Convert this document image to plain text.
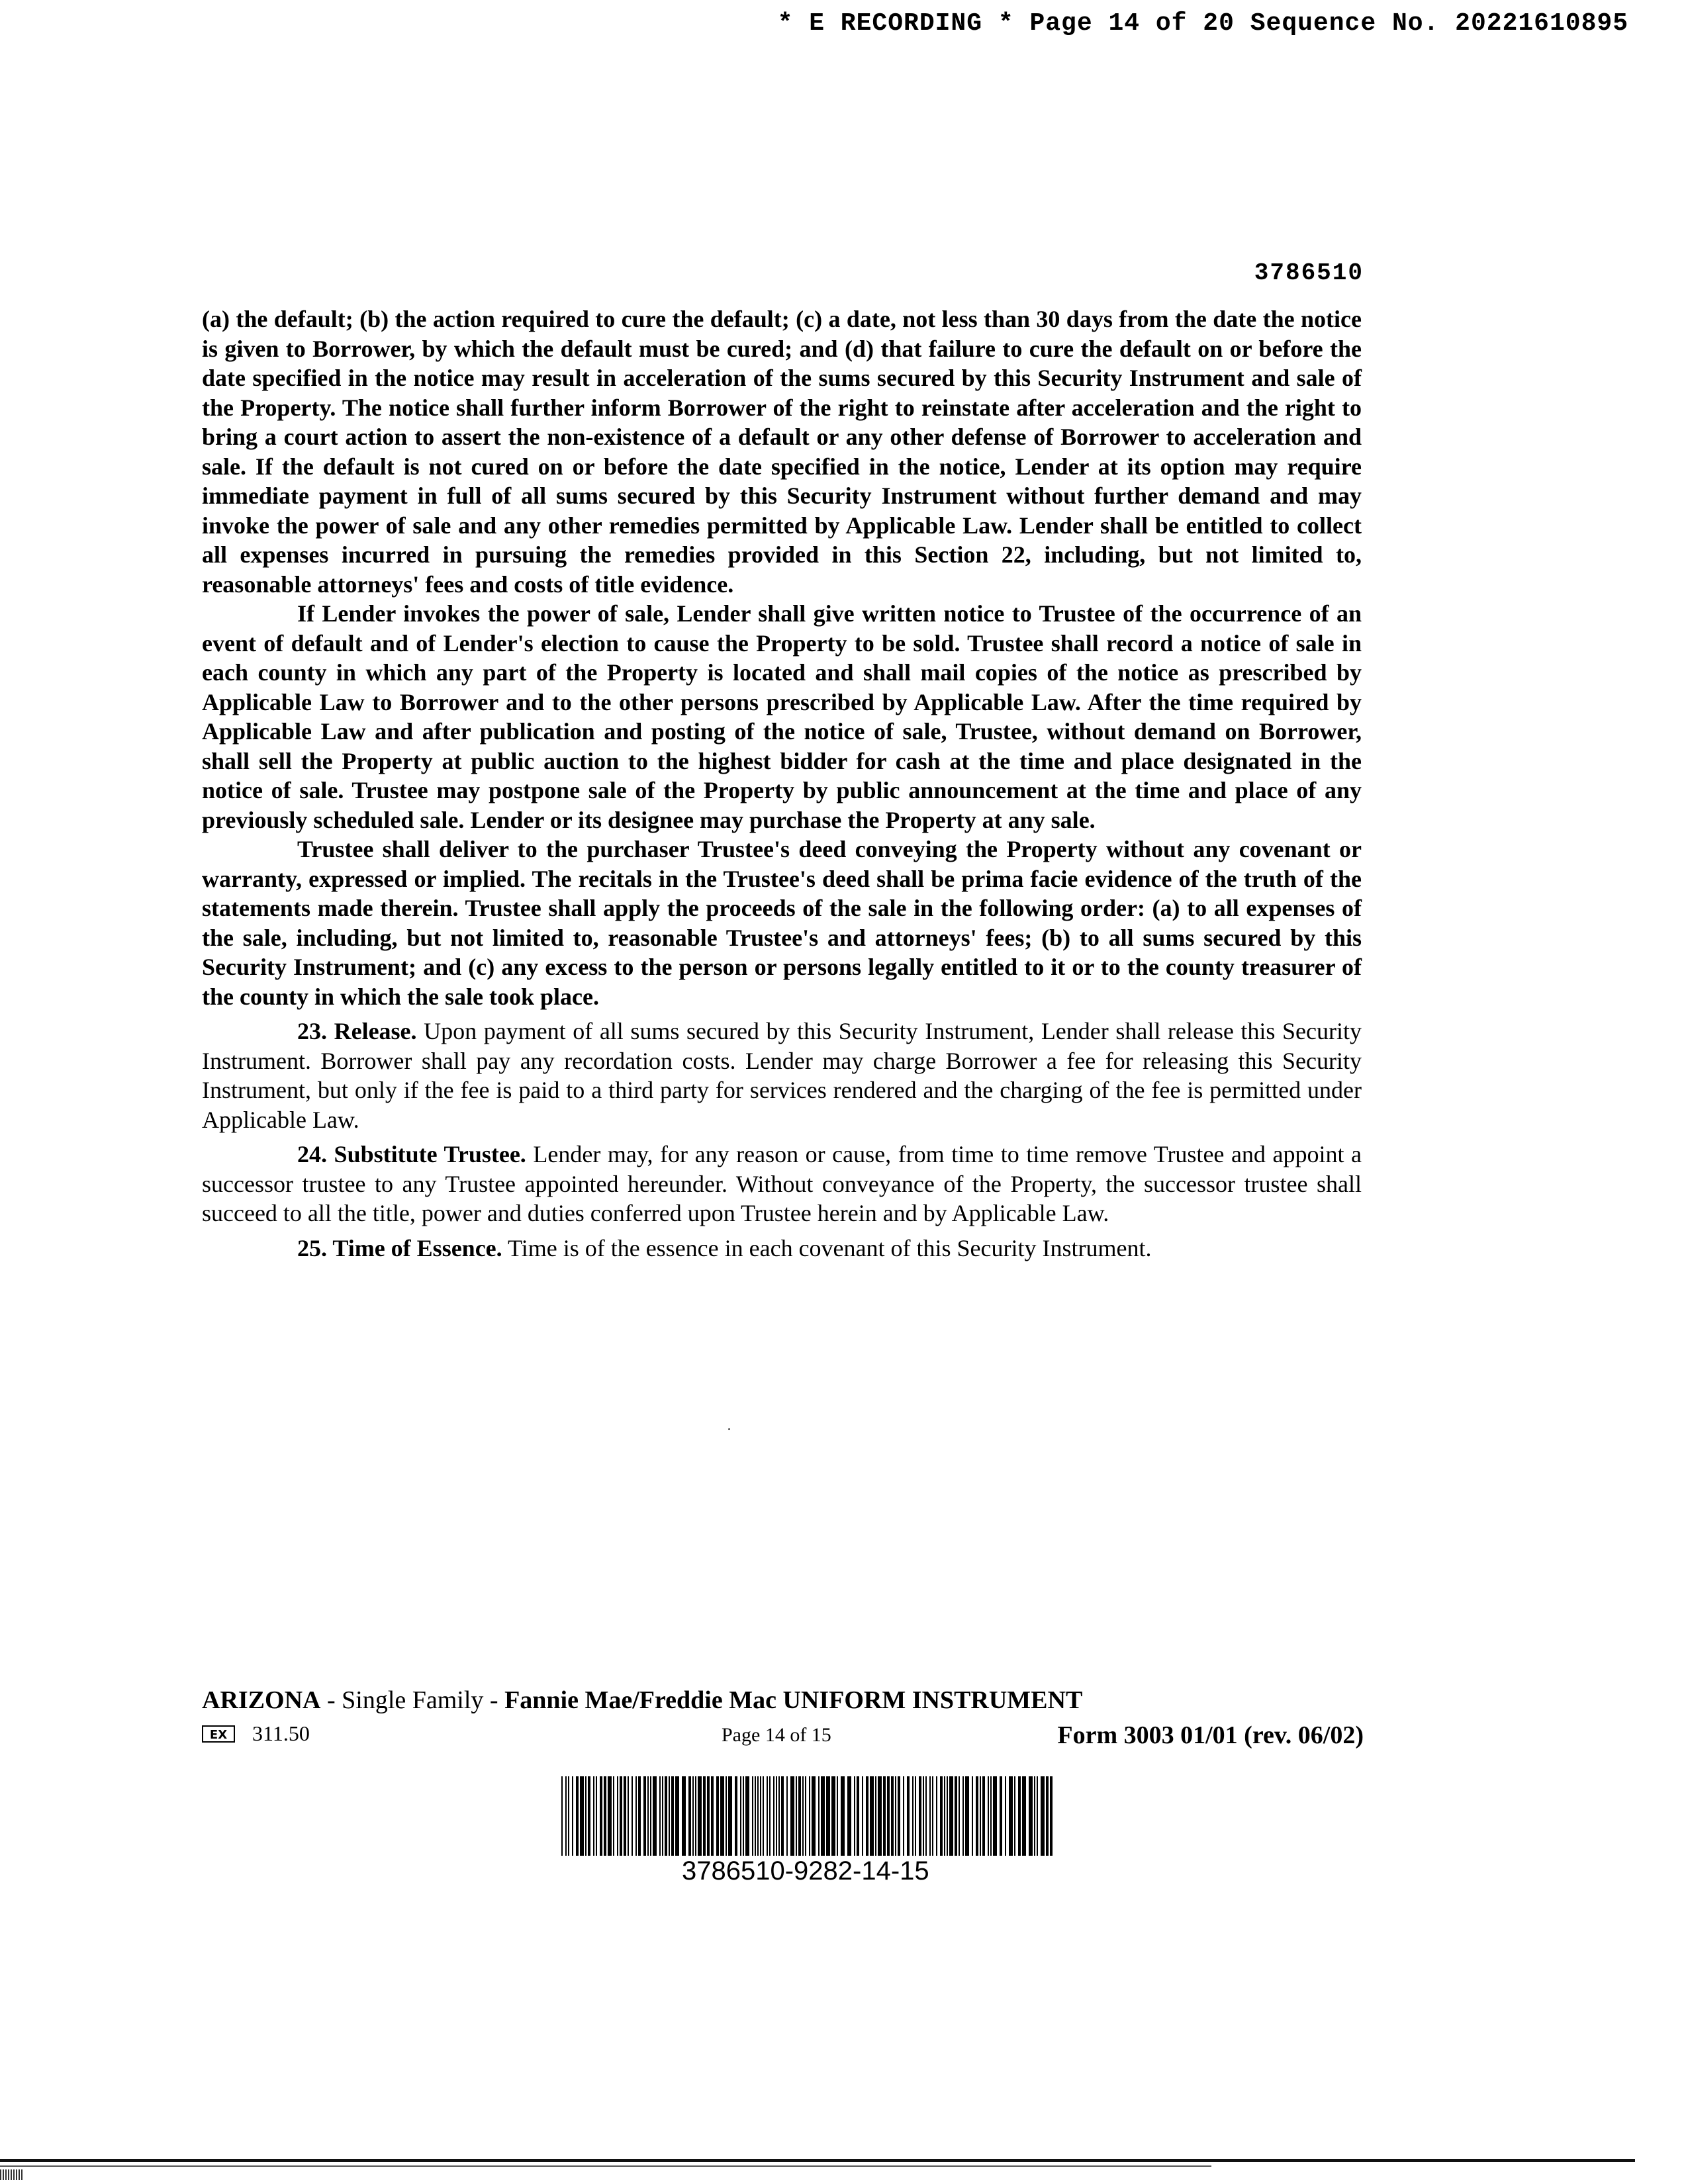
* E RECORDING * Page 14 of 20 Sequence No. 20221610895
3786510

(a) the default; (b) the action required to cure the default; (c) a date, not less than 30 days from the date the notice is given to Borrower, by which the default must be cured; and (d) that failure to cure the default on or before the date specified in the notice may result in acceleration of the sums secured by this Security Instrument and sale of the Property. The notice shall further inform Borrower of the right to reinstate after acceleration and the right to bring a court action to assert the non-existence of a default or any other defense of Borrower to acceleration and sale. If the default is not cured on or before the date specified in the notice, Lender at its option may require immediate payment in full of all sums secured by this Security Instrument without further demand and may invoke the power of sale and any other remedies permitted by Applicable Law. Lender shall be entitled to collect all expenses incurred in pursuing the remedies provided in this Section 22, including, but not limited to, reasonable attorneys' fees and costs of title evidence.

If Lender invokes the power of sale, Lender shall give written notice to Trustee of the occurrence of an event of default and of Lender's election to cause the Property to be sold. Trustee shall record a notice of sale in each county in which any part of the Property is located and shall mail copies of the notice as prescribed by Applicable Law to Borrower and to the other persons prescribed by Applicable Law. After the time required by Applicable Law and after publication and posting of the notice of sale, Trustee, without demand on Borrower, shall sell the Property at public auction to the highest bidder for cash at the time and place designated in the notice of sale. Trustee may postpone sale of the Property by public announcement at the time and place of any previously scheduled sale. Lender or its designee may purchase the Property at any sale.

Trustee shall deliver to the purchaser Trustee's deed conveying the Property without any covenant or warranty, expressed or implied. The recitals in the Trustee's deed shall be prima facie evidence of the truth of the statements made therein. Trustee shall apply the proceeds of the sale in the following order: (a) to all expenses of the sale, including, but not limited to, reasonable Trustee's and attorneys' fees; (b) to all sums secured by this Security Instrument; and (c) any excess to the person or persons legally entitled to it or to the county treasurer of the county in which the sale took place.

23. Release. Upon payment of all sums secured by this Security Instrument, Lender shall release this Security Instrument. Borrower shall pay any recordation costs. Lender may charge Borrower a fee for releasing this Security Instrument, but only if the fee is paid to a third party for services rendered and the charging of the fee is permitted under Applicable Law.

24. Substitute Trustee. Lender may, for any reason or cause, from time to time remove Trustee and appoint a successor trustee to any Trustee appointed hereunder. Without conveyance of the Property, the successor trustee shall succeed to all the title, power and duties conferred upon Trustee herein and by Applicable Law.

25. Time of Essence. Time is of the essence in each covenant of this Security Instrument.

ARIZONA - Single Family - Fannie Mae/Freddie Mac UNIFORM INSTRUMENT
EX	311.50	Page 14 of 15	Form 3003 01/01 (rev. 06/02)
3786510-9282-14-15
